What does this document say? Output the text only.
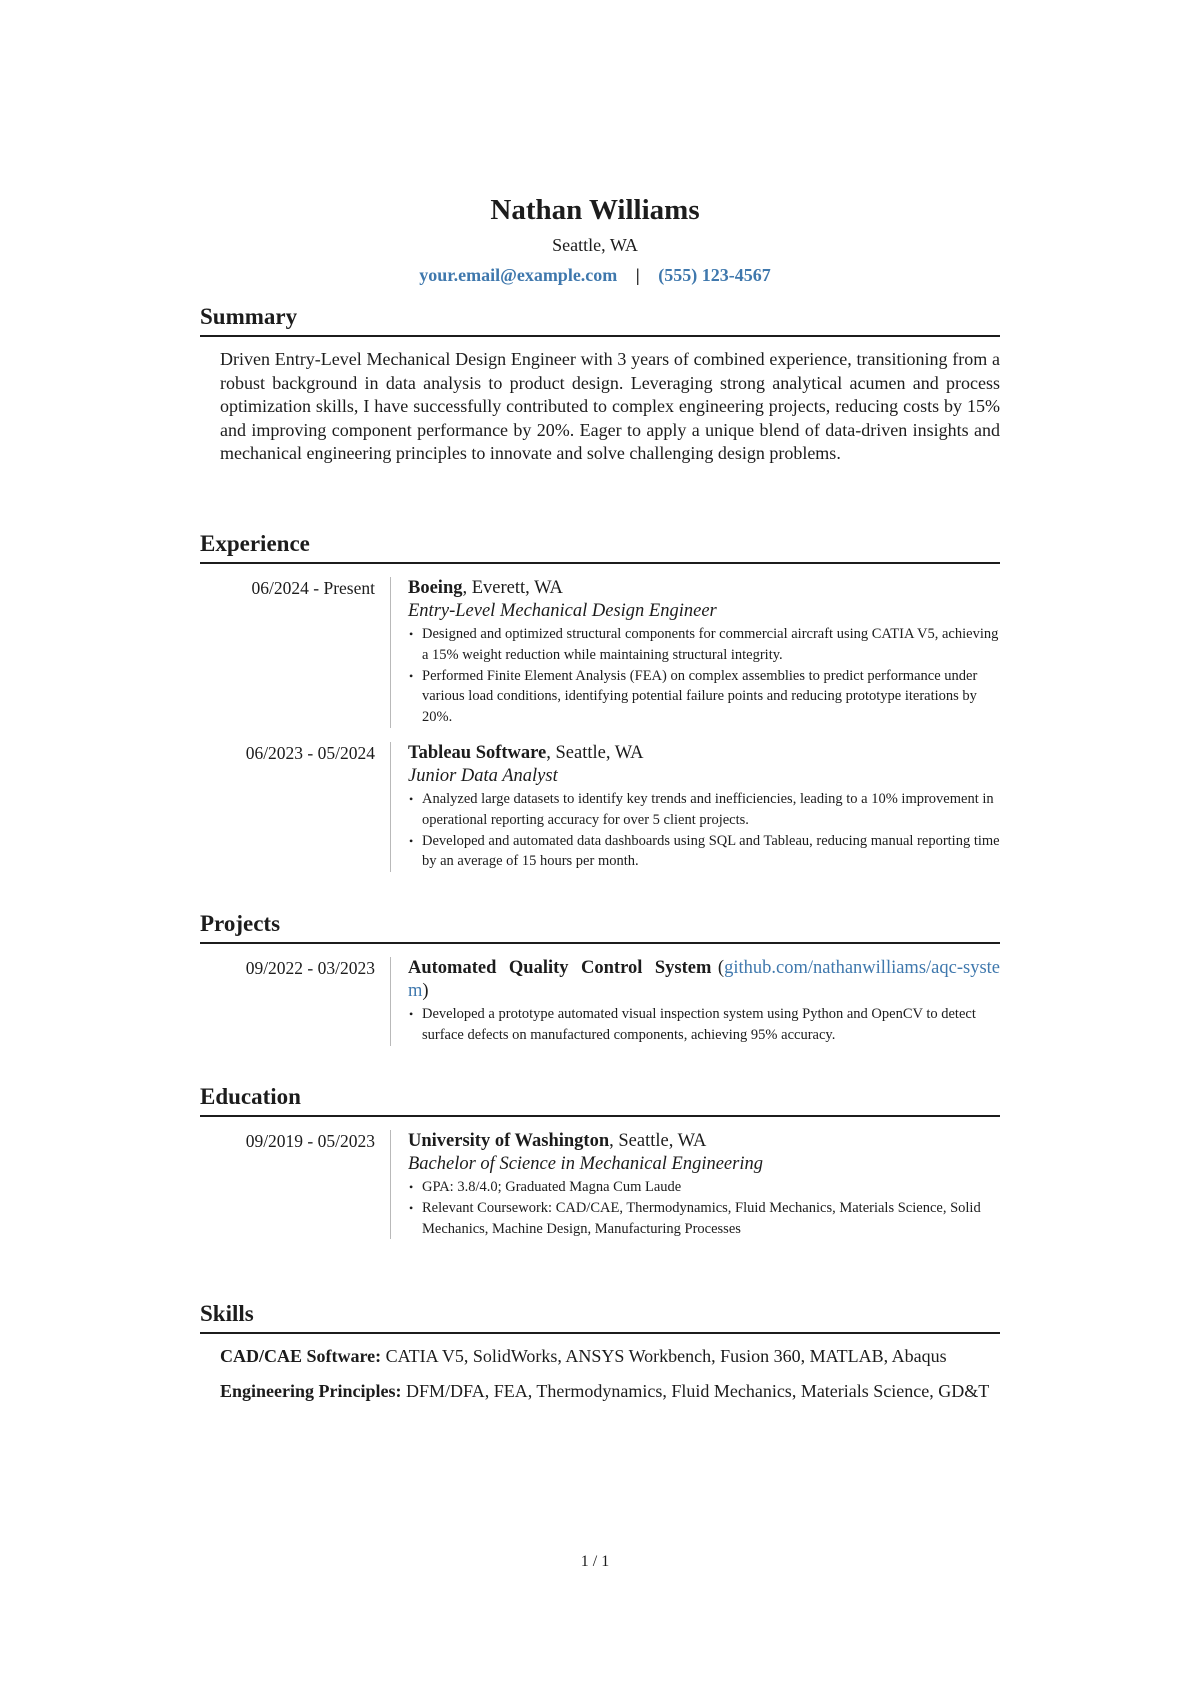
Nathan Williams
Seattle, WA
your.email@example.com | (555) 123-4567
Summary

Driven Entry-Level Mechanical Design Engineer with 3 years of combined experience, transitioning from a robust background in data analysis to product design. Leveraging strong analytical acumen and process optimization skills, I have successfully contributed to complex engineering projects, reducing costs by 15% and improving component performance by 20%. Eager to apply a unique blend of data-driven insights and mechanical engineering principles to innovate and solve challenging design problems.

Experience
06/2024 - Present Boeing, Everett, WA
Entry-Level Mechanical Design Engineer
• Designed and optimized structural components for commercial aircraft using CATIA V5, achieving a 15% weight reduction while maintaining structural integrity.
• Performed Finite Element Analysis (FEA) on complex assemblies to predict performance under various load conditions, identifying potential failure points and reducing prototype iterations by 20%.
06/2023 - 05/2024 Tableau Software, Seattle, WA
Junior Data Analyst
• Analyzed large datasets to identify key trends and inefficiencies, leading to a 10% improvement in operational reporting accuracy for over 5 client projects.
• Developed and automated data dashboards using SQL and Tableau, reducing manual reporting time by an average of 15 hours per month.
Projects
09/2022 - 03/2023 Automated Quality Control System (github.com/nathanwilliams/aqc-system)
• Developed a prototype automated visual inspection system using Python and OpenCV to detect surface defects on manufactured components, achieving 95% accuracy.
Education
09/2019 - 05/2023 University of Washington, Seattle, WA
Bachelor of Science in Mechanical Engineering
• GPA: 3.8/4.0; Graduated Magna Cum Laude
• Relevant Coursework: CAD/CAE, Thermodynamics, Fluid Mechanics, Materials Science, Solid Mechanics, Machine Design, Manufacturing Processes
Skills
CAD/CAE Software: CATIA V5, SolidWorks, ANSYS Workbench, Fusion 360, MATLAB, Abaqus
Engineering Principles: DFM/DFA, FEA, Thermodynamics, Fluid Mechanics, Materials Science, GD&T
1 / 1
